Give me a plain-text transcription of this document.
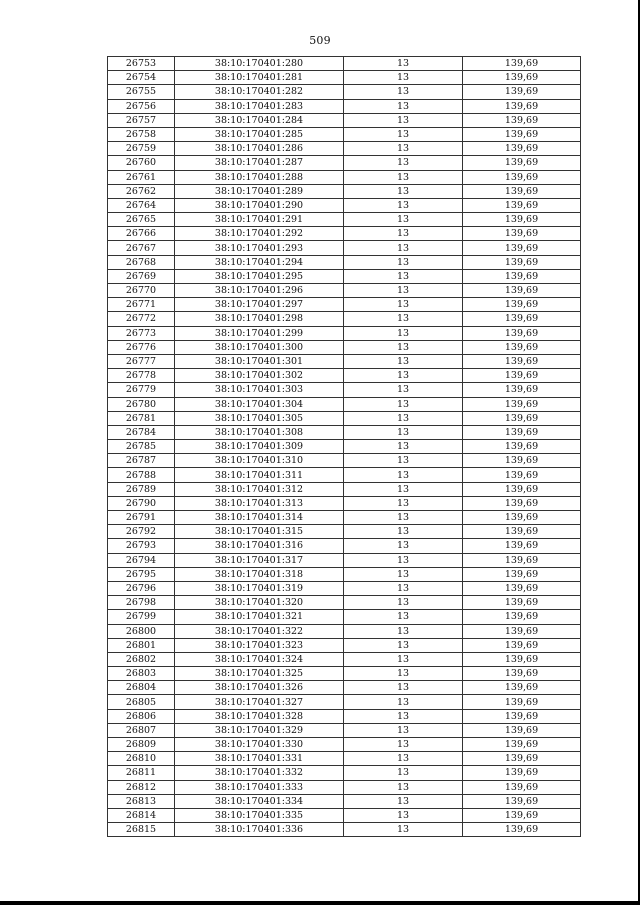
509
26753	38:10:170401:280	13	139,69
26754	38:10:170401:281	13	139,69
26755	38:10:170401:282	13	139,69
26756	38:10:170401:283	13	139,69
26757	38:10:170401:284	13	139,69
26758	38:10:170401:285	13	139,69
26759	38:10:170401:286	13	139,69
26760	38:10:170401:287	13	139,69
26761	38:10:170401:288	13	139,69
26762	38:10:170401:289	13	139,69
26764	38:10:170401:290	13	139,69
26765	38:10:170401:291	13	139,69
26766	38:10:170401:292	13	139,69
26767	38:10:170401:293	13	139,69
26768	38:10:170401:294	13	139,69
26769	38:10:170401:295	13	139,69
26770	38:10:170401:296	13	139,69
26771	38:10:170401:297	13	139,69
26772	38:10:170401:298	13	139,69
26773	38:10:170401:299	13	139,69
26776	38:10:170401:300	13	139,69
26777	38:10:170401:301	13	139,69
26778	38:10:170401:302	13	139,69
26779	38:10:170401:303	13	139,69
26780	38:10:170401:304	13	139,69
26781	38:10:170401:305	13	139,69
26784	38:10:170401:308	13	139,69
26785	38:10:170401:309	13	139,69
26787	38:10:170401:310	13	139,69
26788	38:10:170401:311	13	139,69
26789	38:10:170401:312	13	139,69
26790	38:10:170401:313	13	139,69
26791	38:10:170401:314	13	139,69
26792	38:10:170401:315	13	139,69
26793	38:10:170401:316	13	139,69
26794	38:10:170401:317	13	139,69
26795	38:10:170401:318	13	139,69
26796	38:10:170401:319	13	139,69
26798	38:10:170401:320	13	139,69
26799	38:10:170401:321	13	139,69
26800	38:10:170401:322	13	139,69
26801	38:10:170401:323	13	139,69
26802	38:10:170401:324	13	139,69
26803	38:10:170401:325	13	139,69
26804	38:10:170401:326	13	139,69
26805	38:10:170401:327	13	139,69
26806	38:10:170401:328	13	139,69
26807	38:10:170401:329	13	139,69
26809	38:10:170401:330	13	139,69
26810	38:10:170401:331	13	139,69
26811	38:10:170401:332	13	139,69
26812	38:10:170401:333	13	139,69
26813	38:10:170401:334	13	139,69
26814	38:10:170401:335	13	139,69
26815	38:10:170401:336	13	139,69
